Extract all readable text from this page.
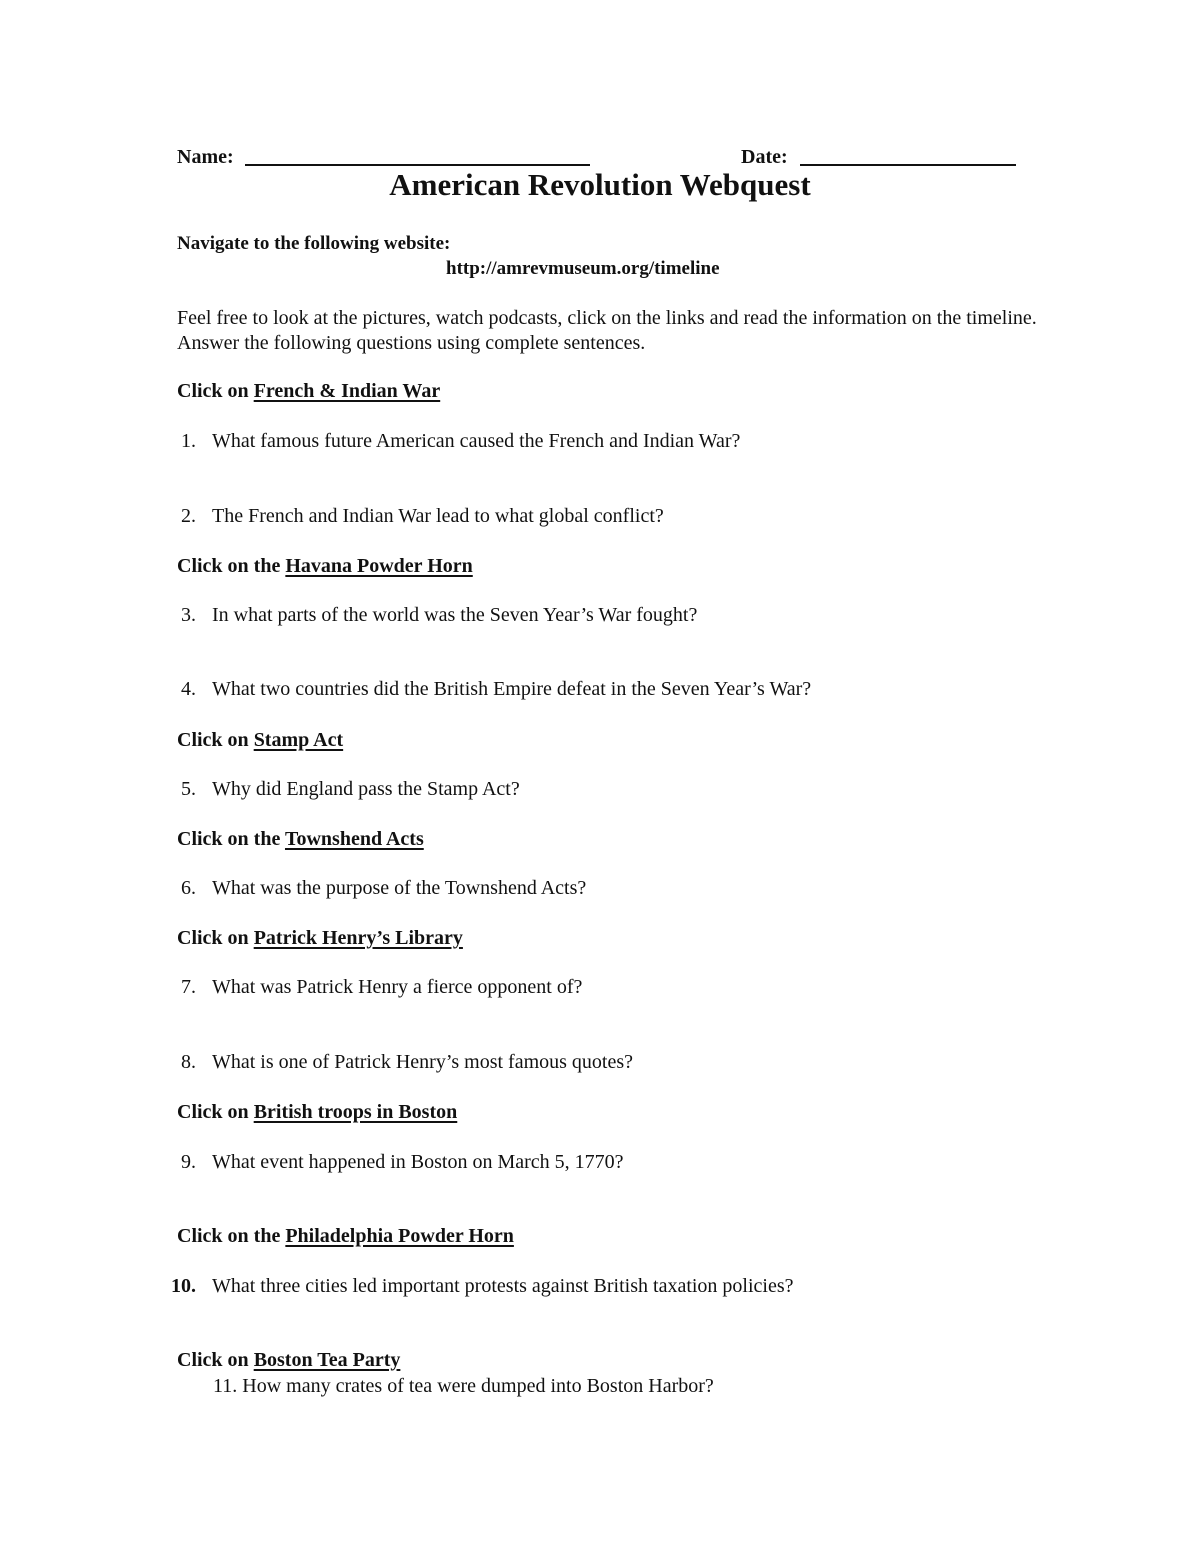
Name:	Date:
American Revolution Webquest
Navigate to the following website:
http://amrevmuseum.org/timeline
Feel free to look at the pictures, watch podcasts, click on the links and read the information on the timeline. Answer the following questions using complete sentences.
Click on French & Indian War
1. What famous future American caused the French and Indian War?
2. The French and Indian War lead to what global conflict?
Click on the Havana Powder Horn
3. In what parts of the world was the Seven Year’s War fought?
4. What two countries did the British Empire defeat in the Seven Year’s War?
Click on Stamp Act
5. Why did England pass the Stamp Act?
Click on the Townshend Acts
6. What was the purpose of the Townshend Acts?
Click on Patrick Henry’s Library
7. What was Patrick Henry a fierce opponent of?
8. What is one of Patrick Henry’s most famous quotes?
Click on British troops in Boston
9. What event happened in Boston on March 5, 1770?
Click on the Philadelphia Powder Horn
10. What three cities led important protests against British taxation policies?
Click on Boston Tea Party
11. How many crates of tea were dumped into Boston Harbor?
